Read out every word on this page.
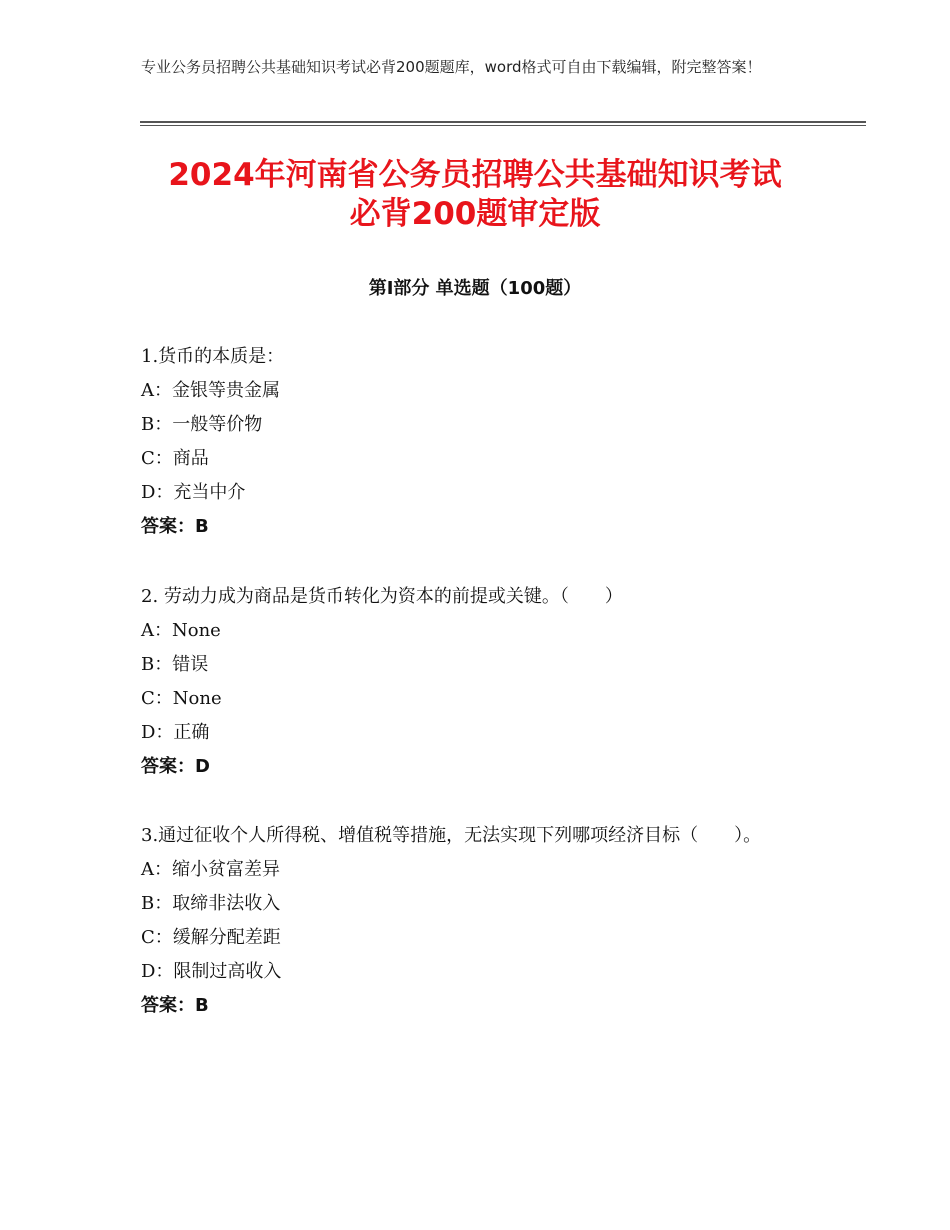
专业公务员招聘公共基础知识考试必背200题题库，word格式可自由下载编辑，附完整答案！
2024年河南省公务员招聘公共基础知识考试
必背200题审定版
第Ⅰ部分 单选题（100题）
1.货币的本质是：
A：金银等贵金属
B：一般等价物
C：商品
D：充当中介
答案：B
2. 劳动力成为商品是货币转化为资本的前提或关键。（　　）
A：None
B：错误
C：None
D：正确
答案：D
3.通过征收个人所得税、增值税等措施，无法实现下列哪项经济目标（　　）。
A：缩小贫富差异
B：取缔非法收入
C：缓解分配差距
D：限制过高收入
答案：B
